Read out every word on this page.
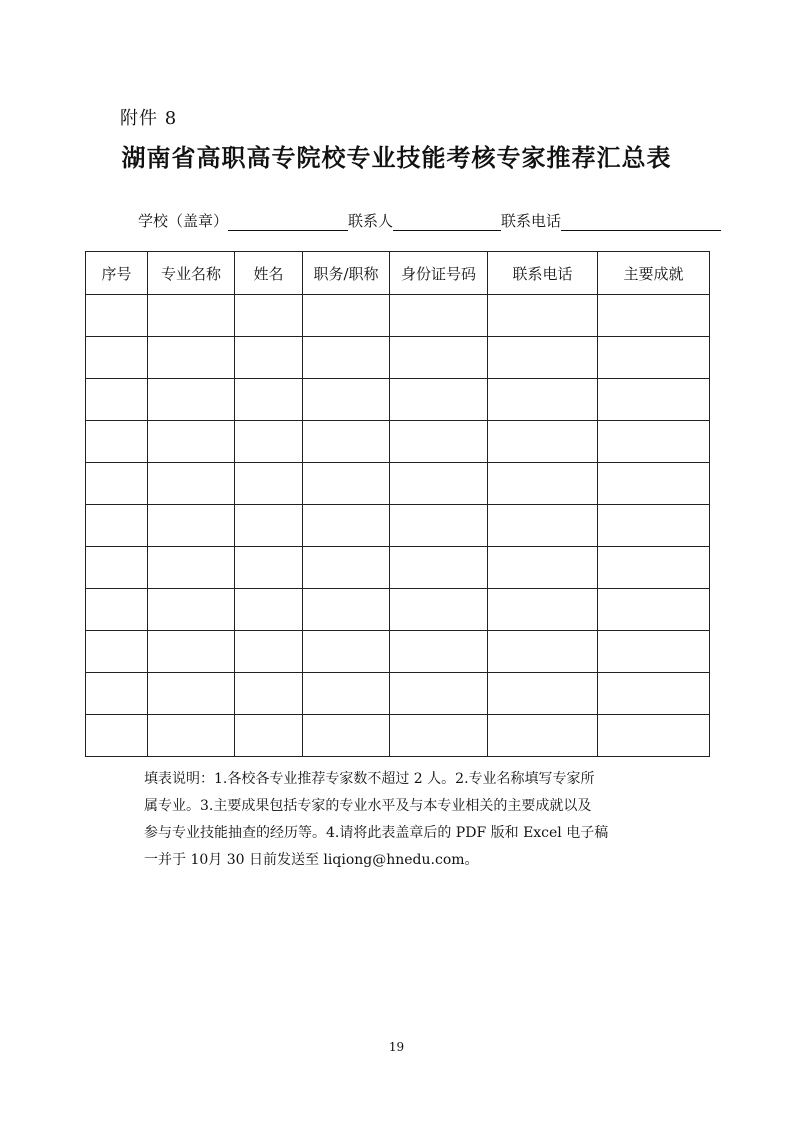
附件 8
湖南省高职高专院校专业技能考核专家推荐汇总表
学校（盖章）	联系人	联系电话
序号	专业名称	姓名	职务/职称	身份证号码	联系电话	主要成就

填表说明：1.各校各专业推荐专家数不超过 2 人。2.专业名称填写专家所

属专业。3.主要成果包括专家的专业水平及与本专业相关的主要成就以及

参与专业技能抽查的经历等。4.请将此表盖章后的 PDF 版和 Excel 电子稿

一并于 10月 30 日前发送至 liqiong@hnedu.com。

19
